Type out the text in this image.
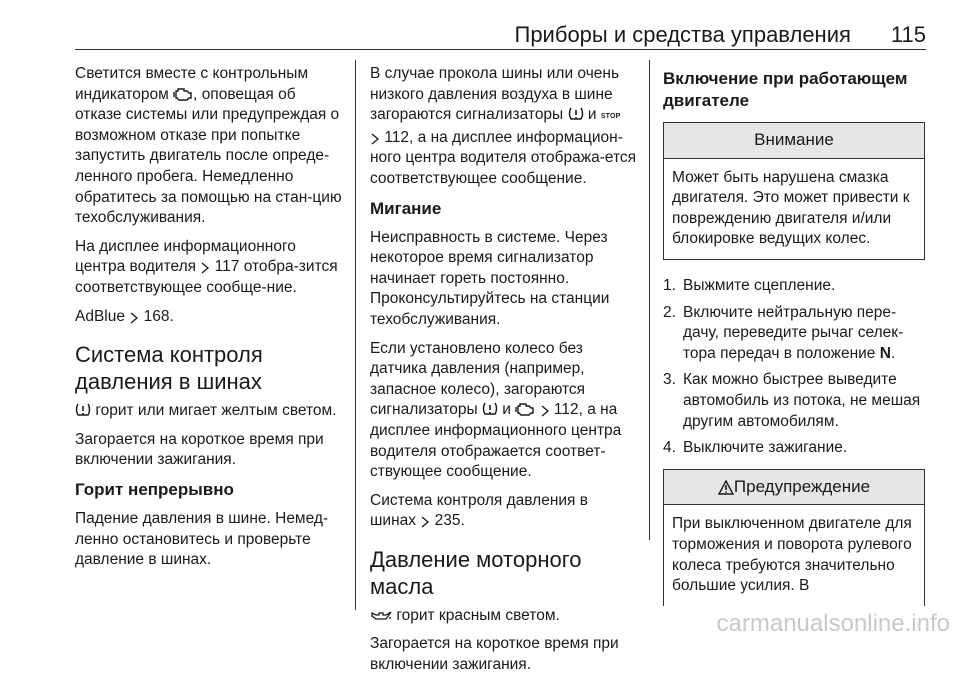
Приборы и средства управления 115

Светится вместе с контрольным индикатором , оповещая об отказе системы или предупреждая о возможном отказе при попытке запустить двигатель после опреде-ленного пробега. Немедленно обратитесь за помощью на стан-цию техобслуживания.

На дисплее информационного центра водителя 117 отобра-зится соответствующее сообще-ние.

AdBlue 168.

Система контроля давления в шинах

горит или мигает желтым светом.

Загорается на короткое время при включении зажигания.

Горит непрерывно

Падение давления в шине. Немед-ленно остановитесь и проверьте давление в шинах.

В случае прокола шины или очень низкого давления воздуха в шине загораются сигнализаторы и STOP
112, а на дисплее информацион-ного центра водителя отобража-ется соответствующее сообщение.

Мигание

Неисправность в системе. Через некоторое время сигнализатор начинает гореть постоянно. Проконсультируйтесь на станции техобслуживания.

Если установлено колесо без датчика давления (например, запасное колесо), загораются сигнализаторы и	112, а на дисплее информационного центра водителя отображается соответ-ствующее сообщение.

Система контроля давления в шинах 235.

Давление моторного масла

горит красным светом.

Загорается на короткое время при включении зажигания.

Включение при работающем двигателе
Внимание
Может быть нарушена смазка двигателя. Это может привести к повреждению двигателя и/или блокировке ведущих колес.
1. Выжмите сцепление.
2. Включите нейтральную пере-дачу, переведите рычаг селек-тора передач в положение N.
3. Как можно быстрее выведите автомобиль из потока, не мешая другим автомобилям.
4. Выключите зажигание.
Предупреждение
При выключенном двигателе для торможения и поворота рулевого колеса требуются значительно большие усилия. В
carmanualsonline.info
